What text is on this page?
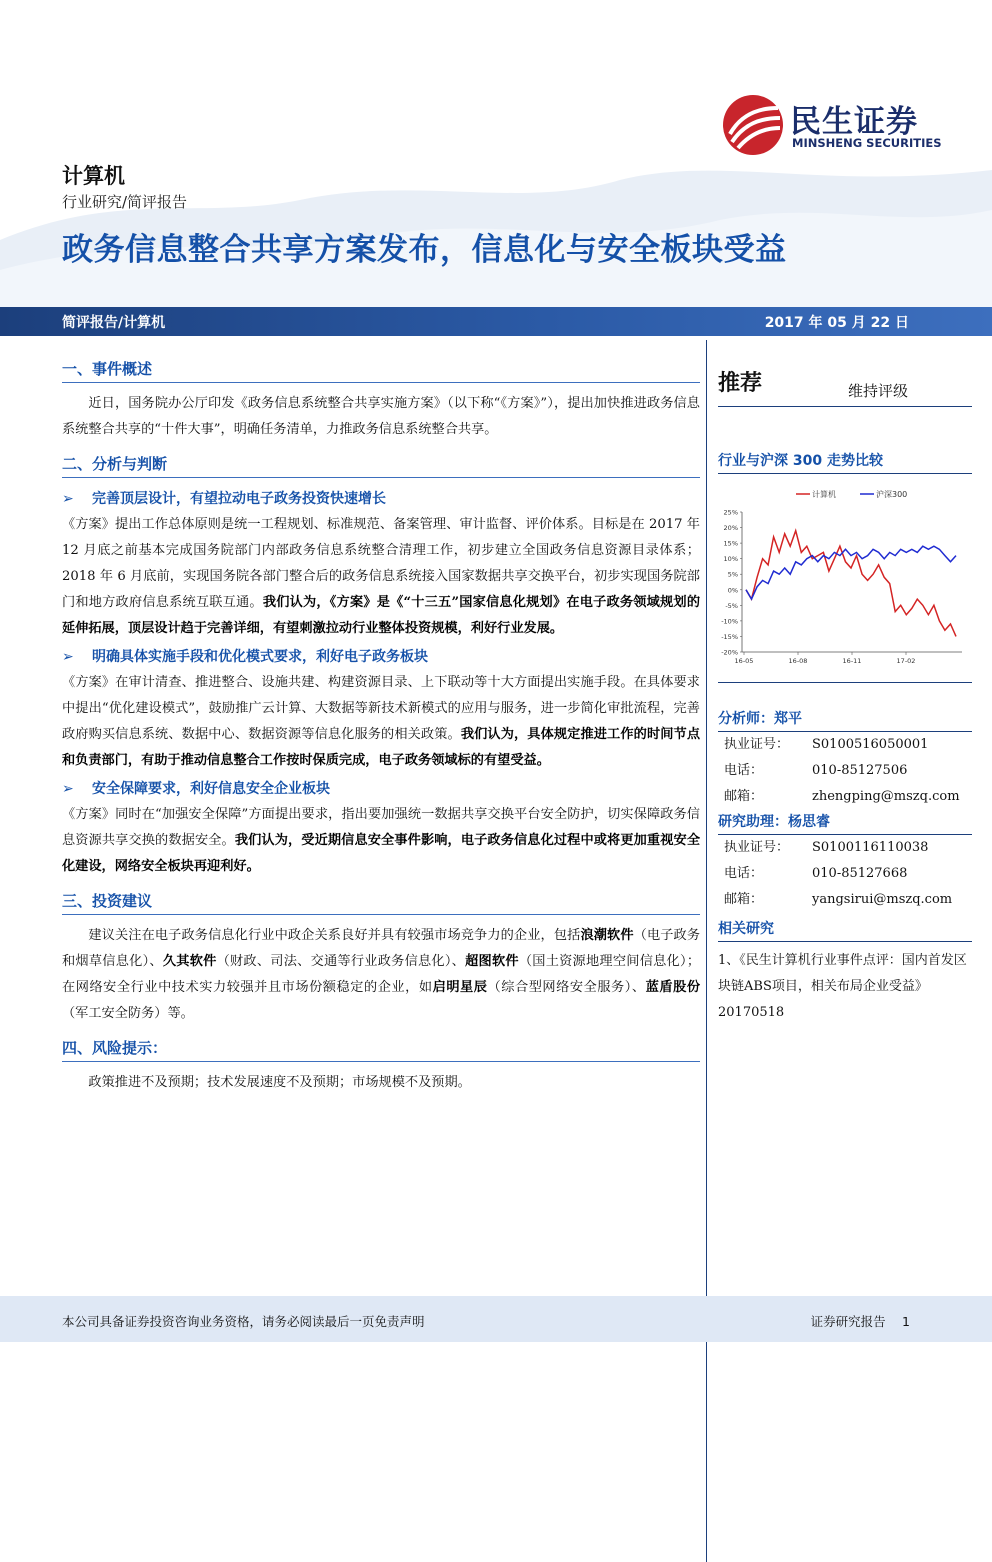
民生证券
MINSHENG SECURITIES
计算机
行业研究/简评报告
政务信息整合共享方案发布，信息化与安全板块受益
简评报告/计算机	2017 年 05 月 22 日
一、事件概述
近日，国务院办公厅印发《政务信息系统整合共享实施方案》（以下称“《方案》”），提出加快推进政务信息系统整合共享的“十件大事”，明确任务清单，力推政务信息系统整合共享。
二、分析与判断
➢ 完善顶层设计，有望拉动电子政务投资快速增长
《方案》提出工作总体原则是统一工程规划、标准规范、备案管理、审计监督、评价体系。目标是在 2017 年 12 月底之前基本完成国务院部门内部政务信息系统整合清理工作，初步建立全国政务信息资源目录体系；2018 年 6 月底前，实现国务院各部门整合后的政务信息系统接入国家数据共享交换平台，初步实现国务院部门和地方政府信息系统互联互通。我们认为，《方案》是《“十三五”国家信息化规划》在电子政务领域规划的延伸拓展，顶层设计趋于完善详细，有望刺激拉动行业整体投资规模，利好行业发展。
➢ 明确具体实施手段和优化模式要求，利好电子政务板块
《方案》在审计清查、推进整合、设施共建、构建资源目录、上下联动等十大方面提出实施手段。在具体要求中提出“优化建设模式”，鼓励推广云计算、大数据等新技术新模式的应用与服务，进一步简化审批流程，完善政府购买信息系统、数据中心、数据资源等信息化服务的相关政策。我们认为，具体规定推进工作的时间节点和负责部门，有助于推动信息整合工作按时保质完成，电子政务领域标的有望受益。
➢ 安全保障要求，利好信息安全企业板块
《方案》同时在“加强安全保障”方面提出要求，指出要加强统一数据共享交换平台安全防护，切实保障政务信息资源共享交换的数据安全。我们认为，受近期信息安全事件影响，电子政务信息化过程中或将更加重视安全化建设，网络安全板块再迎利好。
三、投资建议
建议关注在电子政务信息化行业中政企关系良好并具有较强市场竞争力的企业，包括浪潮软件（电子政务和烟草信息化）、久其软件（财政、司法、交通等行业政务信息化）、超图软件（国土资源地理空间信息化）；在网络安全行业中技术实力较强并且市场份额稳定的企业，如启明星辰（综合型网络安全服务）、蓝盾股份（军工安全防务）等。
四、风险提示：
政策推进不及预期；技术发展速度不及预期；市场规模不及预期。
推荐	维持评级
行业与沪深 300 走势比较
计算机	沪深300
25%
20%
15%
10%
5%
0%
-5%
-10%
-15%
-20%
16-05	16-08	16-11	17-02
分析师：郑平
执业证号： S0100516050001
电话：	010-85127506
邮箱：	zhengping@mszq.com
研究助理：杨思睿
执业证号： S0100116110038
电话：	010-85127668
邮箱：	yangsirui@mszq.com
相关研究
1、《民生计算机行业事件点评：国内首发区块链ABS项目，相关布局企业受益》20170518
本公司具备证券投资咨询业务资格，请务必阅读最后一页免责声明	证券研究报告　 1
